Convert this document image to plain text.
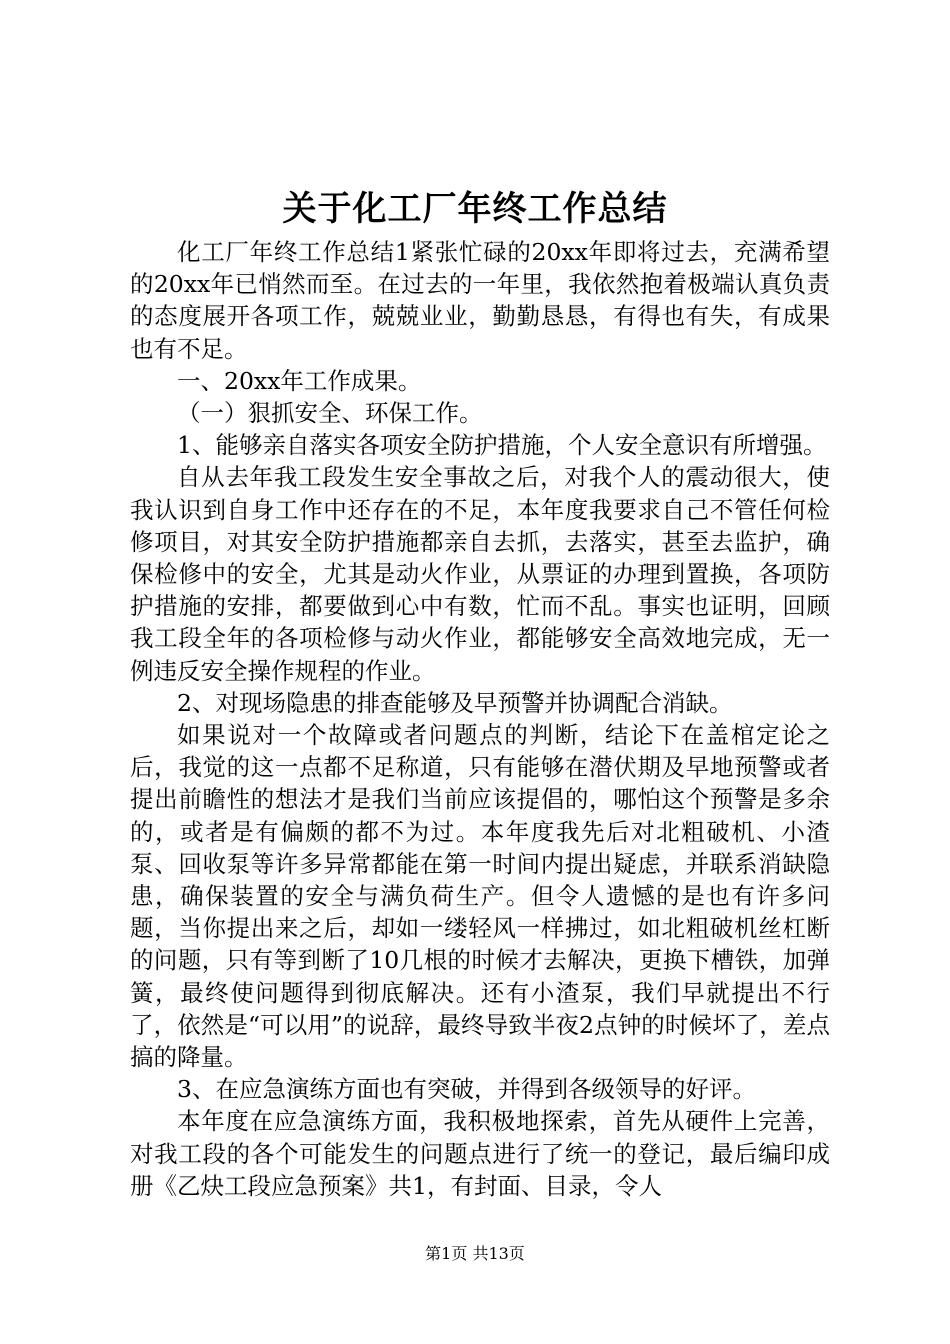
关于化工厂年终工作总结

化工厂年终工作总结1紧张忙碌的20xx年即将过去，充满希望的20xx年已悄然而至。在过去的一年里，我依然抱着极端认真负责的态度展开各项工作，兢兢业业，勤勤恳恳，有得也有失，有成果也有不足。

一、20xx年工作成果。

（一）狠抓安全、环保工作。

1、能够亲自落实各项安全防护措施，个人安全意识有所增强。

自从去年我工段发生安全事故之后，对我个人的震动很大，使我认识到自身工作中还存在的不足，本年度我要求自己不管任何检修项目，对其安全防护措施都亲自去抓，去落实，甚至去监护，确保检修中的安全，尤其是动火作业，从票证的办理到置换，各项防护措施的安排，都要做到心中有数，忙而不乱。事实也证明，回顾我工段全年的各项检修与动火作业，都能够安全高效地完成，无一例违反安全操作规程的作业。

2、对现场隐患的排查能够及早预警并协调配合消缺。

如果说对一个故障或者问题点的判断，结论下在盖棺定论之后，我觉的这一点都不足称道，只有能够在潜伏期及早地预警或者提出前瞻性的想法才是我们当前应该提倡的，哪怕这个预警是多余的，或者是有偏颇的都不为过。本年度我先后对北粗破机、小渣泵、回收泵等许多异常都能在第一时间内提出疑虑，并联系消缺隐患，确保装置的安全与满负荷生产。但令人遗憾的是也有许多问题，当你提出来之后，却如一缕轻风一样拂过，如北粗破机丝杠断的问题，只有等到断了10几根的时候才去解决，更换下槽铁，加弹簧，最终使问题得到彻底解决。还有小渣泵，我们早就提出不行了，依然是“可以用”的说辞，最终导致半夜2点钟的时候坏了，差点搞的降量。

3、在应急演练方面也有突破，并得到各级领导的好评。

本年度在应急演练方面，我积极地探索，首先从硬件上完善，对我工段的各个可能发生的问题点进行了统一的登记，最后编印成册《乙炔工段应急预案》共1，有封面、目录，令人

第1页 共13页
